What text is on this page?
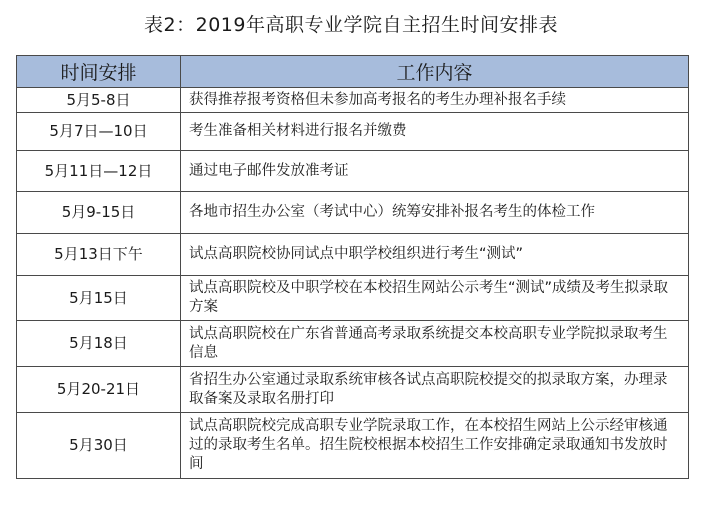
表2：2019年高职专业学院自主招生时间安排表
时间安排	工作内容
5月5-8日	获得推荐报考资格但未参加高考报名的考生办理补报名手续
5月7日—10日	考生准备相关材料进行报名并缴费
5月11日—12日	通过电子邮件发放准考证
5月9-15日	各地市招生办公室（考试中心）统筹安排补报名考生的体检工作
5月13日下午	试点高职院校协同试点中职学校组织进行考生“测试”
5月15日	试点高职院校及中职学校在本校招生网站公示考生“测试”成绩及考生拟录取方案
5月18日	试点高职院校在广东省普通高考录取系统提交本校高职专业学院拟录取考生信息
5月20-21日	省招生办公室通过录取系统审核各试点高职院校提交的拟录取方案，办理录取备案及录取名册打印
5月30日	试点高职院校完成高职专业学院录取工作，在本校招生网站上公示经审核通过的录取考生名单。招生院校根据本校招生工作安排确定录取通知书发放时间
